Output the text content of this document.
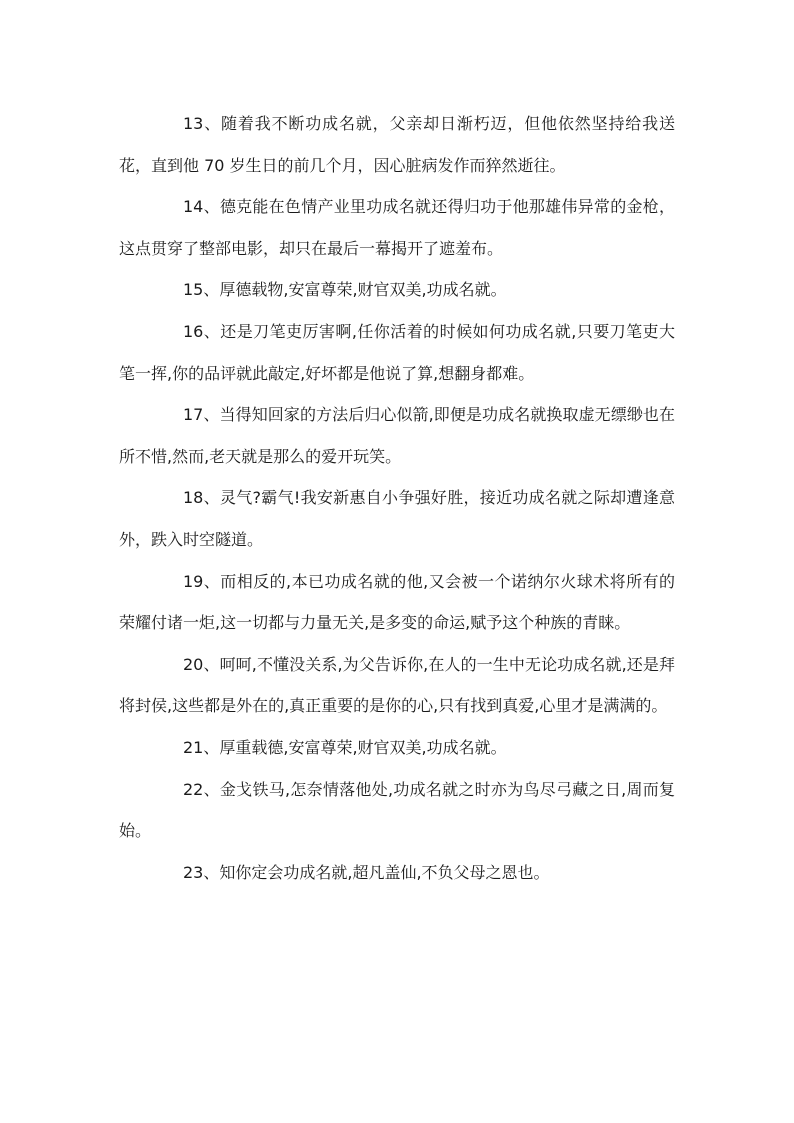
13、随着我不断功成名就，父亲却日渐朽迈，但他依然坚持给我送花，直到他 70 岁生日的前几个月，因心脏病发作而猝然逝往。

14、德克能在色情产业里功成名就还得归功于他那雄伟异常的金枪，这点贯穿了整部电影，却只在最后一幕揭开了遮羞布。

15、厚德载物,安富尊荣,财官双美,功成名就。

16、还是刀笔吏厉害啊,任你活着的时候如何功成名就,只要刀笔吏大笔一挥,你的品评就此敲定,好坏都是他说了算,想翻身都难。

17、当得知回家的方法后归心似箭,即便是功成名就换取虚无缥缈也在所不惜,然而,老天就是那么的爱开玩笑。

18、灵气?霸气!我安新惠自小争强好胜，接近功成名就之际却遭逢意外，跌入时空隧道。

19、而相反的,本已功成名就的他,又会被一个诺纳尔火球术将所有的荣耀付诸一炬,这一切都与力量无关,是多变的命运,赋予这个种族的青睐。

20、呵呵,不懂没关系,为父告诉你,在人的一生中无论功成名就,还是拜将封侯,这些都是外在的,真正重要的是你的心,只有找到真爱,心里才是满满的。

21、厚重载德,安富尊荣,财官双美,功成名就。

22、金戈铁马,怎奈情落他处,功成名就之时亦为鸟尽弓藏之日,周而复始。

23、知你定会功成名就,超凡盖仙,不负父母之恩也。
